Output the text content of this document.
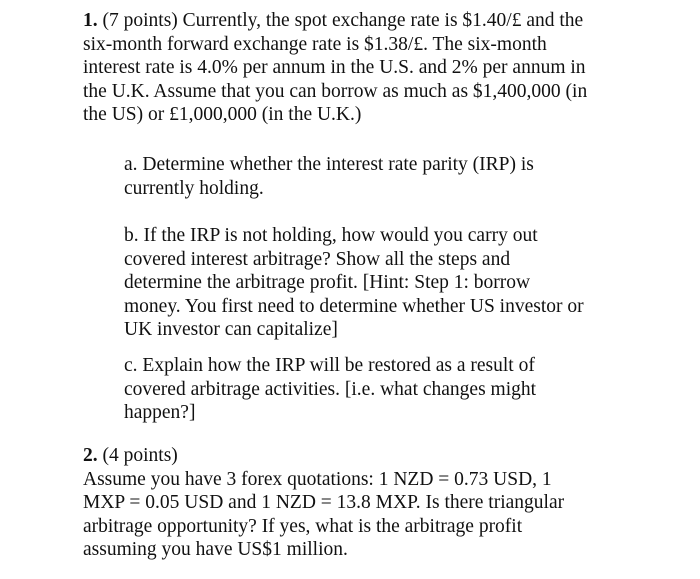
1. (7 points) Currently, the spot exchange rate is $1.40/£ and the
six-month forward exchange rate is $1.38/£. The six-month
interest rate is 4.0% per annum in the U.S. and 2% per annum in
the U.K. Assume that you can borrow as much as $1,400,000 (in
the US) or £1,000,000 (in the U.K.)
a. Determine whether the interest rate parity (IRP) is
currently holding.
b. If the IRP is not holding, how would you carry out
covered interest arbitrage? Show all the steps and
determine the arbitrage profit. [Hint: Step 1: borrow
money. You first need to determine whether US investor or
UK investor can capitalize]
c. Explain how the IRP will be restored as a result of
covered arbitrage activities. [i.e. what changes might
happen?]
2. (4 points)
Assume you have 3 forex quotations: 1 NZD = 0.73 USD, 1
MXP = 0.05 USD and 1 NZD = 13.8 MXP. Is there triangular
arbitrage opportunity? If yes, what is the arbitrage profit
assuming you have US$1 million.
